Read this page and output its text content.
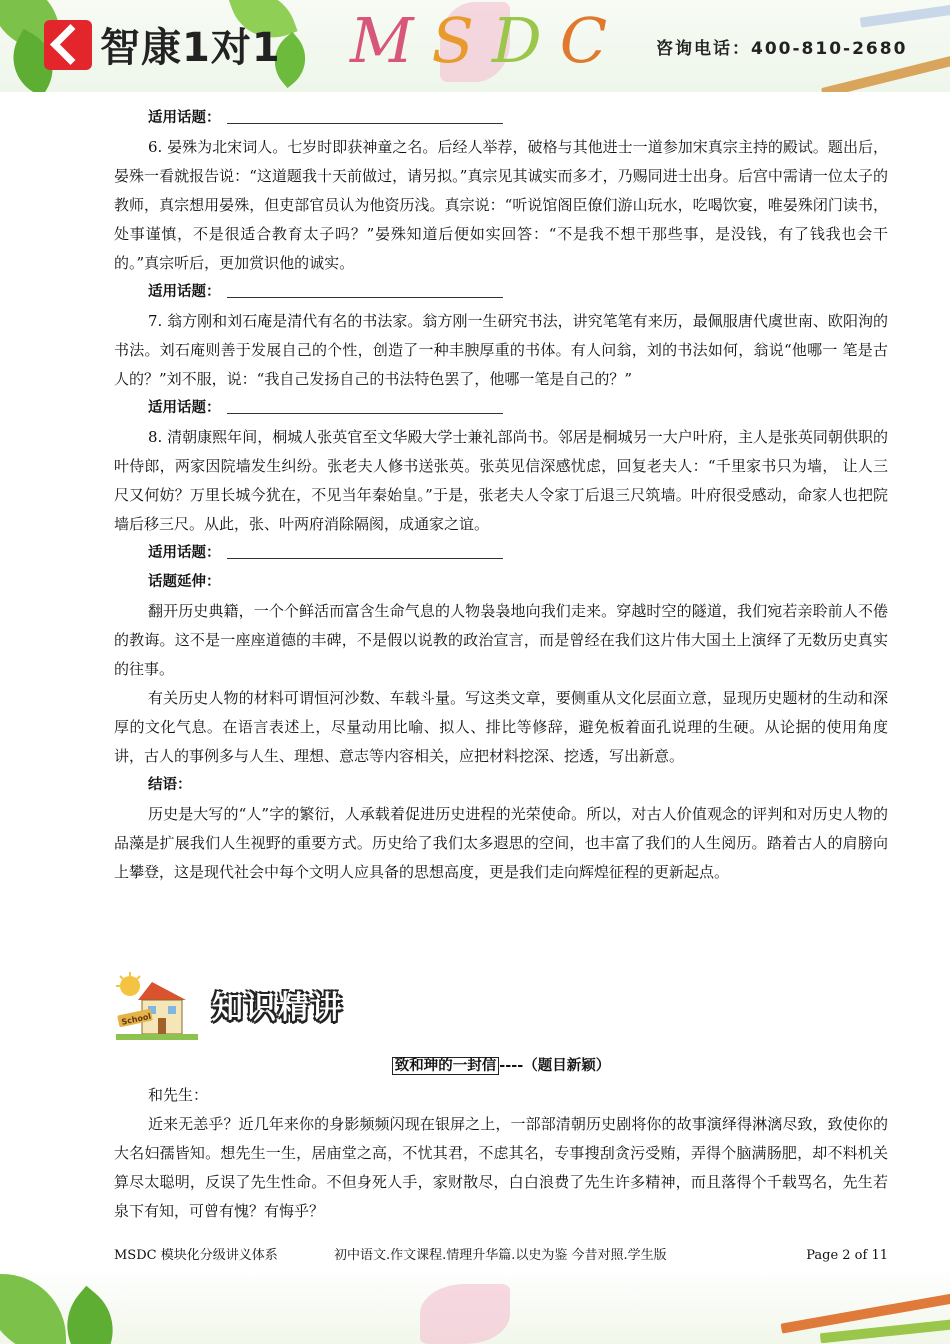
智康1对1 MSDC 咨询电话：400-810-2680

适用话题：

6. 晏殊为北宋词人。七岁时即获神童之名。后经人举荐，破格与其他进士一道参加宋真宗主持的殿试。题出后，晏殊一看就报告说：“这道题我十天前做过，请另拟。”真宗见其诚实而多才，乃赐同进士出身。后宫中需请一位太子的教师，真宗想用晏殊，但吏部官员认为他资历浅。真宗说：“听说馆阁臣僚们游山玩水，吃喝饮宴，唯晏殊闭门读书，处事谨慎，不是很适合教育太子吗？”晏殊知道后便如实回答：“不是我不想干那些事，是没钱，有了钱我也会干的。”真宗听后，更加赏识他的诚实。

适用话题：

7. 翁方刚和刘石庵是清代有名的书法家。翁方刚一生研究书法，讲究笔笔有来历，最佩服唐代虞世南、欧阳洵的书法。刘石庵则善于发展自己的个性，创造了一种丰腴厚重的书体。有人问翁，刘的书法如何，翁说“他哪一 笔是古人的？”刘不服，说：“我自己发扬自己的书法特色罢了，他哪一笔是自己的？”

适用话题：

8. 清朝康熙年间，桐城人张英官至文华殿大学士兼礼部尚书。邻居是桐城另一大户叶府，主人是张英同朝供职的叶侍郎，两家因院墙发生纠纷。张老夫人修书送张英。张英见信深感忧虑，回复老夫人：“千里家书只为墙， 让人三尺又何妨？万里长城今犹在，不见当年秦始皇。”于是，张老夫人令家丁后退三尺筑墙。叶府很受感动，命家人也把院墙后移三尺。从此，张、叶两府消除隔阂，成通家之谊。

适用话题：

话题延伸：

翻开历史典籍，一个个鲜活而富含生命气息的人物袅袅地向我们走来。穿越时空的隧道，我们宛若亲聆前人不倦的教诲。这不是一座座道德的丰碑，不是假以说教的政治宣言，而是曾经在我们这片伟大国土上演绎了无数历史真实的往事。

有关历史人物的材料可谓恒河沙数、车载斗量。写这类文章，要侧重从文化层面立意，显现历史题材的生动和深厚的文化气息。在语言表述上，尽量动用比喻、拟人、排比等修辞，避免板着面孔说理的生硬。从论据的使用角度讲，古人的事例多与人生、理想、意志等内容相关，应把材料挖深、挖透，写出新意。

结语：

历史是大写的“人”字的繁衍，人承载着促进历史进程的光荣使命。所以，对古人价值观念的评判和对历史人物的品藻是扩展我们人生视野的重要方式。历史给了我们太多遐思的空间，也丰富了我们的人生阅历。踏着古人的肩膀向上攀登，这是现代社会中每个文明人应具备的思想高度，更是我们走向辉煌征程的更新起点。

School 知识精讲

致和珅的一封信 ----（题目新颖）

和先生：

近来无恙乎？近几年来你的身影频频闪现在银屏之上，一部部清朝历史剧将你的故事演绎得淋漓尽致，致使你的大名妇孺皆知。想先生一生，居庙堂之高，不忧其君，不虑其名，专事搜刮贪污受贿，弄得个脑满肠肥，却不料机关算尽太聪明，反误了先生性命。不但身死人手，家财散尽，白白浪费了先生许多精神，而且落得个千载骂名，先生若泉下有知，可曾有愧？有悔乎？

MSDC 模块化分级讲义体系	初中语文.作文课程.情理升华篇.以史为鉴 今昔对照.学生版	Page 2 of 11
